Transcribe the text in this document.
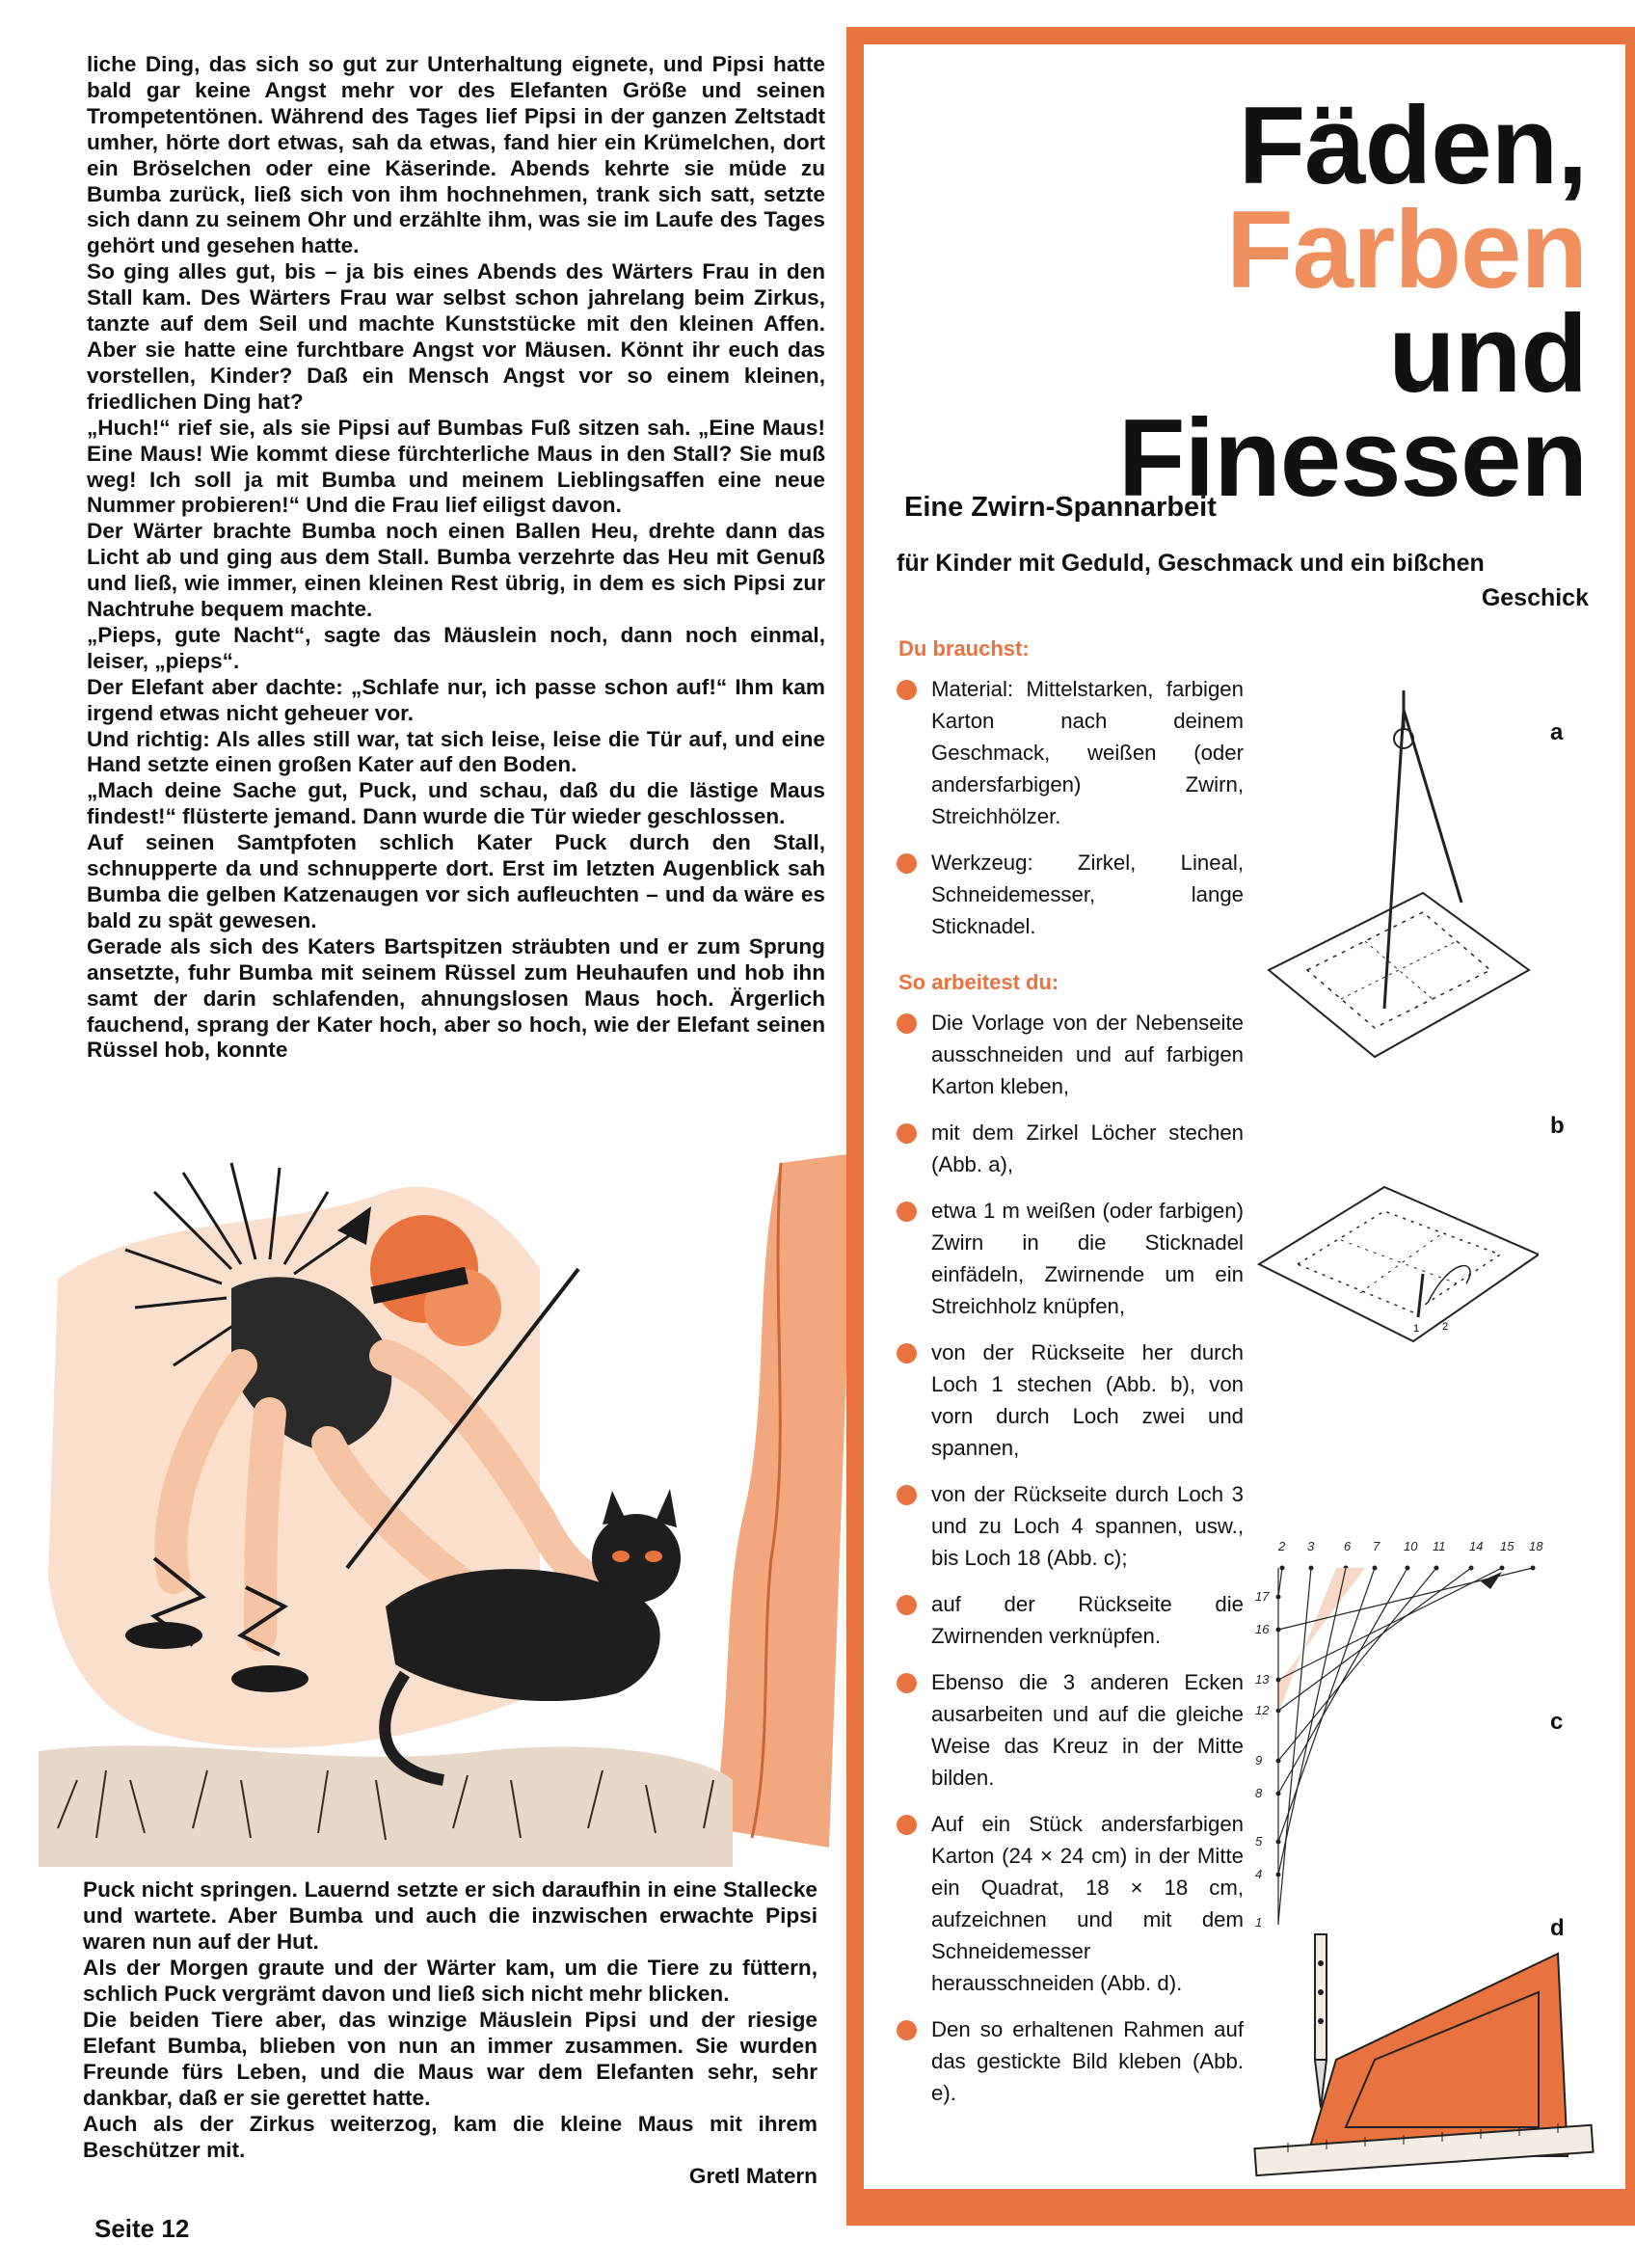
liche Ding, das sich so gut zur Unterhaltung eignete, und Pipsi hatte bald gar keine Angst mehr vor des Elefanten Größe und seinen Trompetentönen. Während des Tages lief Pipsi in der ganzen Zeltstadt umher, hörte dort etwas, sah da etwas, fand hier ein Krümelchen, dort ein Bröselchen oder eine Käserinde. Abends kehrte sie müde zu Bumba zurück, ließ sich von ihm hochnehmen, trank sich satt, setzte sich dann zu seinem Ohr und erzählte ihm, was sie im Laufe des Tages gehört und gesehen hatte.

So ging alles gut, bis – ja bis eines Abends des Wärters Frau in den Stall kam. Des Wärters Frau war selbst schon jahrelang beim Zirkus, tanzte auf dem Seil und machte Kunststücke mit den kleinen Affen. Aber sie hatte eine furchtbare Angst vor Mäusen. Könnt ihr euch das vorstellen, Kinder? Daß ein Mensch Angst vor so einem kleinen, friedlichen Ding hat?

„Huch!“ rief sie, als sie Pipsi auf Bumbas Fuß sitzen sah. „Eine Maus! Eine Maus! Wie kommt diese fürchterliche Maus in den Stall? Sie muß weg! Ich soll ja mit Bumba und meinem Lieblingsaffen eine neue Nummer probieren!“ Und die Frau lief eiligst davon.

Der Wärter brachte Bumba noch einen Ballen Heu, drehte dann das Licht ab und ging aus dem Stall. Bumba verzehrte das Heu mit Genuß und ließ, wie immer, einen kleinen Rest übrig, in dem es sich Pipsi zur Nachtruhe bequem machte.

„Pieps, gute Nacht“, sagte das Mäuslein noch, dann noch einmal, leiser, „pieps“.

Der Elefant aber dachte: „Schlafe nur, ich passe schon auf!“ Ihm kam irgend etwas nicht geheuer vor.

Und richtig: Als alles still war, tat sich leise, leise die Tür auf, und eine Hand setzte einen großen Kater auf den Boden.

„Mach deine Sache gut, Puck, und schau, daß du die lästige Maus findest!“ flüsterte jemand. Dann wurde die Tür wieder geschlossen.

Auf seinen Samtpfoten schlich Kater Puck durch den Stall, schnupperte da und schnupperte dort. Erst im letzten Augenblick sah Bumba die gelben Katzenaugen vor sich aufleuchten – und da wäre es bald zu spät gewesen.

Gerade als sich des Katers Bartspitzen sträubten und er zum Sprung ansetzte, fuhr Bumba mit seinem Rüssel zum Heuhaufen und hob ihn samt der darin schlafenden, ahnungslosen Maus hoch. Ärgerlich fauchend, sprang der Kater hoch, aber so hoch, wie der Elefant seinen Rüssel hob, konnte

Puck nicht springen. Lauernd setzte er sich daraufhin in eine Stallecke und wartete. Aber Bumba und auch die inzwischen erwachte Pipsi waren nun auf der Hut.

Als der Morgen graute und der Wärter kam, um die Tiere zu füttern, schlich Puck vergrämt davon und ließ sich nicht mehr blicken.

Die beiden Tiere aber, das winzige Mäuslein Pipsi und der riesige Elefant Bumba, blieben von nun an immer zusammen. Sie wurden Freunde fürs Leben, und die Maus war dem Elefanten sehr, sehr dankbar, daß er sie gerettet hatte.

Auch als der Zirkus weiterzog, kam die kleine Maus mit ihrem Beschützer mit.

Gretl Matern
Seite 12
Fäden, Farben
und
Finessen
Eine Zwirn-Spannarbeit
für Kinder mit Geduld, Geschmack und ein bißchen
Geschick
Du brauchst:
Material: Mittelstarken, farbigen Karton nach deinem Geschmack, weißen (oder andersfarbigen) Zwirn, Streichhölzer.
Werkzeug: Zirkel, Lineal, Schneidemesser, lange Sticknadel.
So arbeitest du:
Die Vorlage von der Nebenseite ausschneiden und auf farbigen Karton kleben,
mit dem Zirkel Löcher stechen (Abb. a),
etwa 1 m weißen (oder farbigen) Zwirn in die Sticknadel einfädeln, Zwirnende um ein Streichholz knüpfen,
von der Rückseite her durch Loch 1 stechen (Abb. b), von vorn durch Loch zwei und spannen,
von der Rückseite durch Loch 3 und zu Loch 4 spannen, usw., bis Loch 18 (Abb. c);
auf der Rückseite die Zwirnenden verknüpfen.
Ebenso die 3 anderen Ecken ausarbeiten und auf die gleiche Weise das Kreuz in der Mitte bilden.
Auf ein Stück andersfarbigen Karton (24 × 24 cm) in der Mitte ein Quadrat, 18 × 18 cm, aufzeichnen und mit dem Schneidemesser herausschneiden (Abb. d).
Den so erhaltenen Rahmen auf das gestickte Bild kleben (Abb. e).
a
1 2
b
2 3 6 7 10 11 14 15 18
17
16
13
12
9
8
5
4
1
c
d
